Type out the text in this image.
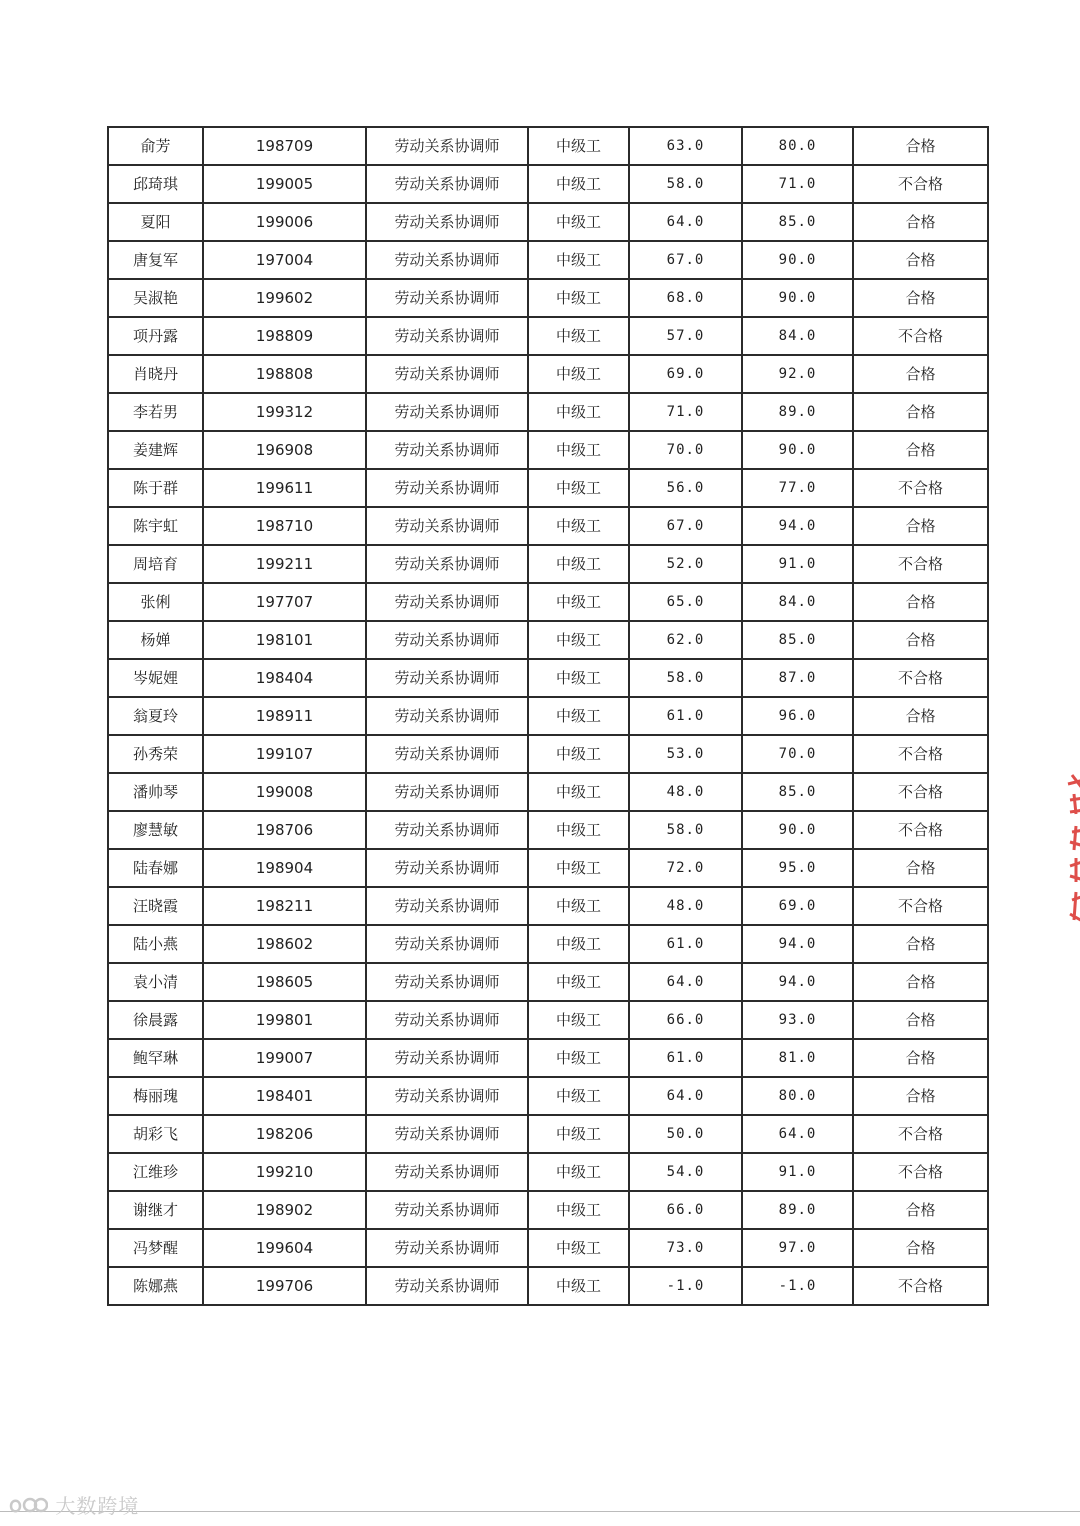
俞芳	198709	劳动关系协调师	中级工	63.0	80.0	合格
邱琦琪	199005	劳动关系协调师	中级工	58.0	71.0	不合格
夏阳	199006	劳动关系协调师	中级工	64.0	85.0	合格
唐复军	197004	劳动关系协调师	中级工	67.0	90.0	合格
吴淑艳	199602	劳动关系协调师	中级工	68.0	90.0	合格
项丹露	198809	劳动关系协调师	中级工	57.0	84.0	不合格
肖晓丹	198808	劳动关系协调师	中级工	69.0	92.0	合格
李若男	199312	劳动关系协调师	中级工	71.0	89.0	合格
姜建辉	196908	劳动关系协调师	中级工	70.0	90.0	合格
陈于群	199611	劳动关系协调师	中级工	56.0	77.0	不合格
陈宇虹	198710	劳动关系协调师	中级工	67.0	94.0	合格
周培育	199211	劳动关系协调师	中级工	52.0	91.0	不合格
张俐	197707	劳动关系协调师	中级工	65.0	84.0	合格
杨婵	198101	劳动关系协调师	中级工	62.0	85.0	合格
岑妮娌	198404	劳动关系协调师	中级工	58.0	87.0	不合格
翁夏玲	198911	劳动关系协调师	中级工	61.0	96.0	合格
孙秀荣	199107	劳动关系协调师	中级工	53.0	70.0	不合格
潘帅琴	199008	劳动关系协调师	中级工	48.0	85.0	不合格
廖慧敏	198706	劳动关系协调师	中级工	58.0	90.0	不合格
陆春娜	198904	劳动关系协调师	中级工	72.0	95.0	合格
汪晓霞	198211	劳动关系协调师	中级工	48.0	69.0	不合格
陆小燕	198602	劳动关系协调师	中级工	61.0	94.0	合格
袁小清	198605	劳动关系协调师	中级工	64.0	94.0	合格
徐晨露	199801	劳动关系协调师	中级工	66.0	93.0	合格
鲍罕琳	199007	劳动关系协调师	中级工	61.0	81.0	合格
梅丽瑰	198401	劳动关系协调师	中级工	64.0	80.0	合格
胡彩飞	198206	劳动关系协调师	中级工	50.0	64.0	不合格
江维珍	199210	劳动关系协调师	中级工	54.0	91.0	不合格
谢继才	198902	劳动关系协调师	中级工	66.0	89.0	合格
冯梦醒	199604	劳动关系协调师	中级工	73.0	97.0	合格
陈娜燕	199706	劳动关系协调师	中级工	-1.0	-1.0	不合格
大数跨境
